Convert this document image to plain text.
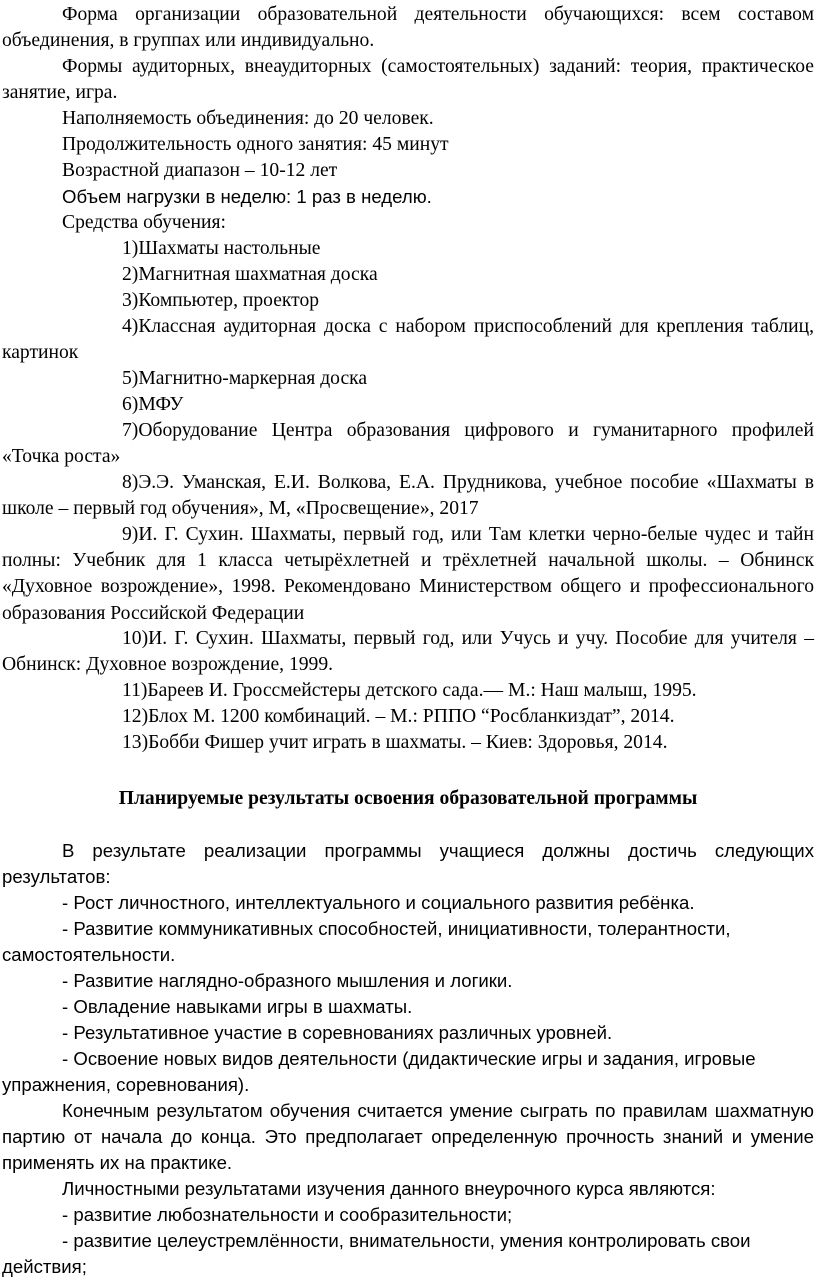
Форма организации образовательной деятельности обучающихся: всем составом объединения, в группах или индивидуально.

Формы аудиторных, внеаудиторных (самостоятельных) заданий: теория, практическое занятие, игра.

Наполняемость объединения: до 20 человек.

Продолжительность одного занятия: 45 минут

Возрастной диапазон – 10-12 лет

Объем нагрузки в неделю: 1 раз в неделю.

Средства обучения:

1)Шахматы настольные

2)Магнитная шахматная доска

3)Компьютер, проектор

4)Классная аудиторная доска с набором приспособлений для крепления таблиц, картинок

5)Магнитно-маркерная доска

6)МФУ

7)Оборудование Центра образования цифрового и гуманитарного профилей «Точка роста»

8)Э.Э. Уманская, Е.И. Волкова, Е.А. Прудникова, учебное пособие «Шахматы в школе – первый год обучения», М, «Просвещение», 2017

9)И. Г. Сухин. Шахматы, первый год, или Там клетки черно-белые чудес и тайн полны: Учебник для 1 класса четырёхлетней и трёхлетней начальной школы. – Обнинск «Духовное возрождение», 1998. Рекомендовано Министерством общего и профессионального образования Российской Федерации

10)И. Г. Сухин. Шахматы, первый год, или Учусь и учу. Пособие для учителя – Обнинск: Духовное возрождение, 1999.

11)Бареев И. Гроссмейстеры детского сада.— М.: Наш малыш, 1995.

12)Блох М. 1200 комбинаций. – М.: РППО “Росбланкиздат”, 2014.

13)Бобби Фишер учит играть в шахматы. – Киев: Здоровья, 2014.

Планируемые результаты освоения образовательной программы

В результате реализации программы учащиеся должны достичь следующих результатов:

- Рост личностного, интеллектуального и социального развития ребёнка.

- Развитие коммуникативных способностей, инициативности, толерантности, самостоятельности.

- Развитие наглядно-образного мышления и логики.

- Овладение навыками игры в шахматы.

- Результативное участие в соревнованиях различных уровней.

- Освоение новых видов деятельности (дидактические игры и задания, игровые упражнения, соревнования).

Конечным результатом обучения считается умение сыграть по правилам шахматную партию от начала до конца. Это предполагает определенную прочность знаний и умение применять их на практике.

Личностными результатами изучения данного внеурочного курса являются:

- развитие любознательности и сообразительности;

- развитие целеустремлённости, внимательности, умения контролировать свои действия;
